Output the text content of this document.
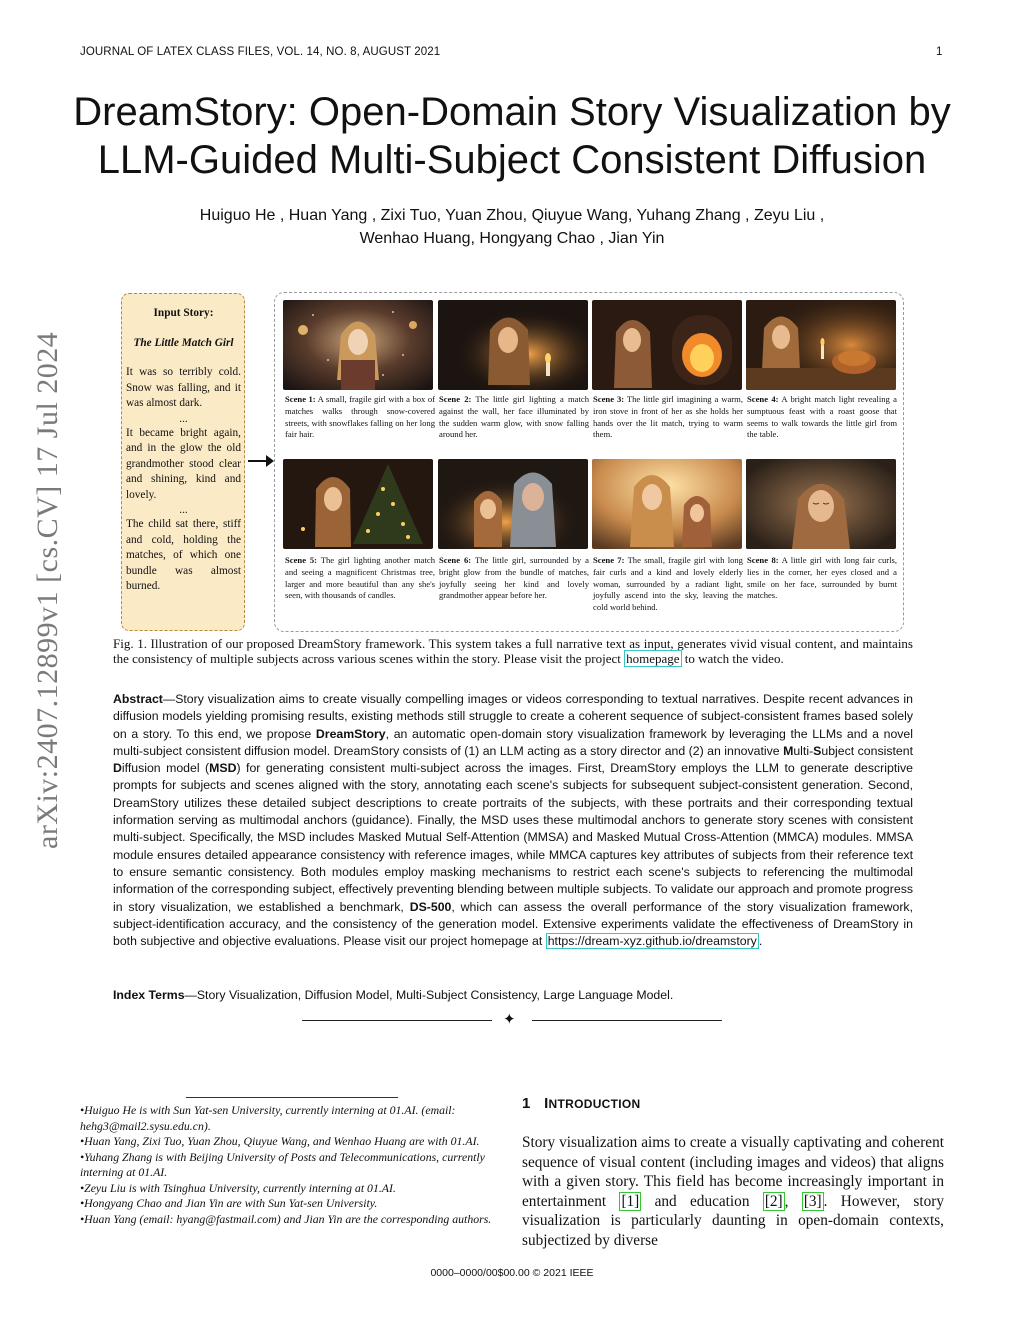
JOURNAL OF LATEX CLASS FILES, VOL. 14, NO. 8, AUGUST 2021	1
DreamStory: Open-Domain Story Visualization by LLM-Guided Multi-Subject Consistent Diffusion
Huiguo He , Huan Yang , Zixi Tuo, Yuan Zhou, Qiuyue Wang, Yuhang Zhang , Zeyu Liu ,
Wenhao Huang, Hongyang Chao , Jian Yin
arXiv:2407.12899v1 [cs.CV] 17 Jul 2024
Input Story:
The Little Match Girl
It was so terribly cold. Snow was falling, and it was almost dark.
...
It became bright again, and in the glow the old grandmother stood clear and shining, kind and lovely.
...
The child sat there, stiff and cold, holding the matches, of which one bundle was almost burned.
Scene 1: A small, fragile girl with a box of matches walks through snow-covered streets, with snowflakes falling on her long fair hair.
Scene 2: The little girl lighting a match against the wall, her face illuminated by the sudden warm glow, with snow falling around her.
Scene 3: The little girl imagining a warm, iron stove in front of her as she holds her hands over the lit match, trying to warm them.
Scene 4: A bright match light revealing a sumptuous feast with a roast goose that seems to walk towards the little girl from the table.
Scene 5: The girl lighting another match and seeing a magnificent Christmas tree, larger and more beautiful than any she's seen, with thousands of candles.
Scene 6: The little girl, surrounded by a bright glow from the bundle of matches, joyfully seeing her kind and lovely grandmother appear before her.
Scene 7: The small, fragile girl with long fair curls and a kind and lovely elderly woman, surrounded by a radiant light, joyfully ascend into the sky, leaving the cold world behind.
Scene 8: A little girl with long fair curls, lies in the corner, her eyes closed and a smile on her face, surrounded by burnt matches.
Fig. 1. Illustration of our proposed DreamStory framework. This system takes a full narrative text as input, generates vivid visual content, and maintains the consistency of multiple subjects across various scenes within the story. Please visit the project homepage to watch the video.
Abstract—Story visualization aims to create visually compelling images or videos corresponding to textual narratives. Despite recent advances in diffusion models yielding promising results, existing methods still struggle to create a coherent sequence of subject-consistent frames based solely on a story. To this end, we propose DreamStory, an automatic open-domain story visualization framework by leveraging the LLMs and a novel multi-subject consistent diffusion model. DreamStory consists of (1) an LLM acting as a story director and (2) an innovative Multi-Subject consistent Diffusion model (MSD) for generating consistent multi-subject across the images. First, DreamStory employs the LLM to generate descriptive prompts for subjects and scenes aligned with the story, annotating each scene's subjects for subsequent subject-consistent generation. Second, DreamStory utilizes these detailed subject descriptions to create portraits of the subjects, with these portraits and their corresponding textual information serving as multimodal anchors (guidance). Finally, the MSD uses these multimodal anchors to generate story scenes with consistent multi-subject. Specifically, the MSD includes Masked Mutual Self-Attention (MMSA) and Masked Mutual Cross-Attention (MMCA) modules. MMSA module ensures detailed appearance consistency with reference images, while MMCA captures key attributes of subjects from their reference text to ensure semantic consistency. Both modules employ masking mechanisms to restrict each scene's subjects to referencing the multimodal information of the corresponding subject, effectively preventing blending between multiple subjects. To validate our approach and promote progress in story visualization, we established a benchmark, DS-500, which can assess the overall performance of the story visualization framework, subject-identification accuracy, and the consistency of the generation model. Extensive experiments validate the effectiveness of DreamStory in both subjective and objective evaluations. Please visit our project homepage at https://dream-xyz.github.io/dreamstory .
Index Terms—Story Visualization, Diffusion Model, Multi-Subject Consistency, Large Language Model.
✦
•Huiguo He is with Sun Yat-sen University, currently interning at 01.AI. (email: hehg3@mail2.sysu.edu.cn).
•Huan Yang, Zixi Tuo, Yuan Zhou, Qiuyue Wang, and Wenhao Huang are with 01.AI.
•Yuhang Zhang is with Beijing University of Posts and Telecommunications, currently interning at 01.AI.
•Zeyu Liu is with Tsinghua University, currently interning at 01.AI.
•Hongyang Chao and Jian Yin are with Sun Yat-sen University.
•Huan Yang (email: hyang@fastmail.com) and Jian Yin are the corresponding authors.
1 INTRODUCTION
Story visualization aims to create a visually captivating and coherent sequence of visual content (including images and videos) that aligns with a given story. This field has become increasingly important in entertainment [1] and education [2] , [3] . However, story visualization is particularly daunting in open-domain contexts, subjectized by diverse
0000–0000/00$00.00 © 2021 IEEE
